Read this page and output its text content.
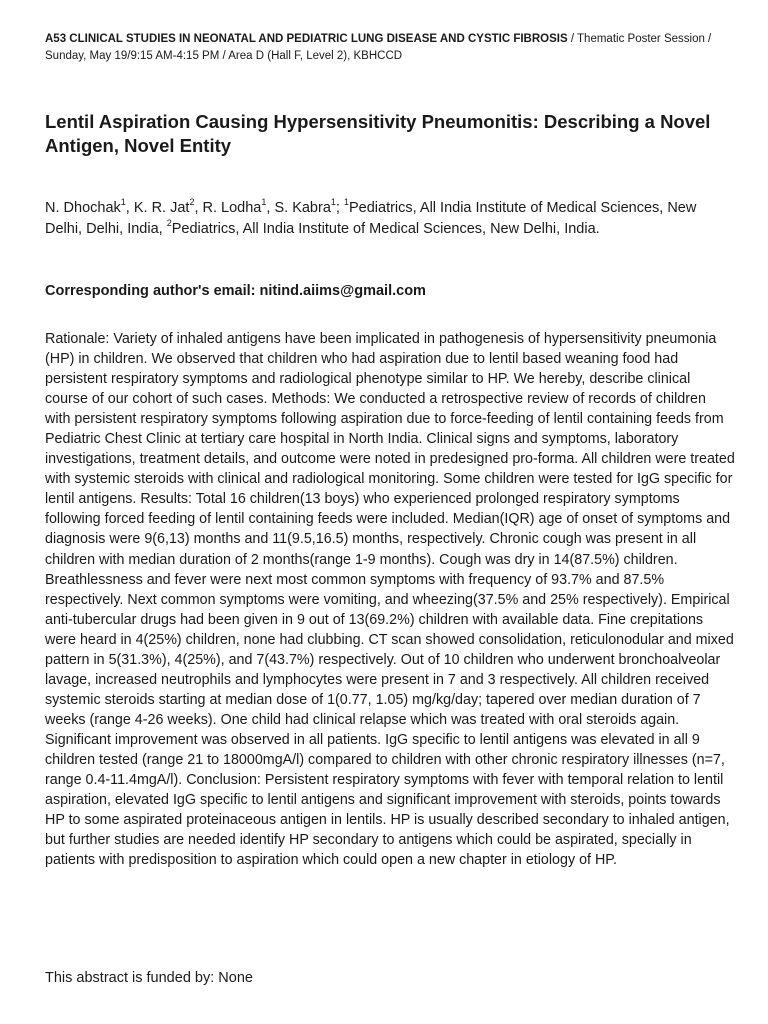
A53 CLINICAL STUDIES IN NEONATAL AND PEDIATRIC LUNG DISEASE AND CYSTIC FIBROSIS / Thematic Poster Session / Sunday, May 19/9:15 AM-4:15 PM / Area D (Hall F, Level 2), KBHCCD
Lentil Aspiration Causing Hypersensitivity Pneumonitis: Describing a Novel Antigen, Novel Entity
N. Dhochak$^1$, K. R. Jat$^2$, R. Lodha$^1$, S. Kabra$^1$; $^1$Pediatrics, All India Institute of Medical Sciences, New Delhi, Delhi, India, $^2$Pediatrics, All India Institute of Medical Sciences, New Delhi, India.
Corresponding author's email: nitind.aiims@gmail.com

Rationale: Variety of inhaled antigens have been implicated in pathogenesis of hypersensitivity pneumonia (HP) in children. We observed that children who had aspiration due to lentil based weaning food had persistent respiratory symptoms and radiological phenotype similar to HP. We hereby, describe clinical course of our cohort of such cases. Methods: We conducted a retrospective review of records of children with persistent respiratory symptoms following aspiration due to force-feeding of lentil containing feeds from Pediatric Chest Clinic at tertiary care hospital in North India. Clinical signs and symptoms, laboratory investigations, treatment details, and outcome were noted in predesigned pro-forma. All children were treated with systemic steroids with clinical and radiological monitoring. Some children were tested for IgG specific for lentil antigens. Results: Total 16 children(13 boys) who experienced prolonged respiratory symptoms following forced feeding of lentil containing feeds were included. Median(IQR) age of onset of symptoms and diagnosis were 9(6,13) months and 11(9.5,16.5) months, respectively. Chronic cough was present in all children with median duration of 2 months(range 1-9 months). Cough was dry in 14(87.5%) children. Breathlessness and fever were next most common symptoms with frequency of 93.7% and 87.5% respectively. Next common symptoms were vomiting, and wheezing(37.5% and 25% respectively). Empirical anti-tubercular drugs had been given in 9 out of 13(69.2%) children with available data. Fine crepitations were heard in 4(25%) children, none had clubbing. CT scan showed consolidation, reticulonodular and mixed pattern in 5(31.3%), 4(25%), and 7(43.7%) respectively. Out of 10 children who underwent bronchoalveolar lavage, increased neutrophils and lymphocytes were present in 7 and 3 respectively. All children received systemic steroids starting at median dose of 1(0.77, 1.05) mg/kg/day; tapered over median duration of 7 weeks (range 4-26 weeks). One child had clinical relapse which was treated with oral steroids again. Significant improvement was observed in all patients. IgG specific to lentil antigens was elevated in all 9 children tested (range 21 to 18000mgA/l) compared to children with other chronic respiratory illnesses (n=7, range 0.4-11.4mgA/l). Conclusion: Persistent respiratory symptoms with fever with temporal relation to lentil aspiration, elevated IgG specific to lentil antigens and significant improvement with steroids, points towards HP to some aspirated proteinaceous antigen in lentils. HP is usually described secondary to inhaled antigen, but further studies are needed identify HP secondary to antigens which could be aspirated, specially in patients with predisposition to aspiration which could open a new chapter in etiology of HP.

This abstract is funded by: None
